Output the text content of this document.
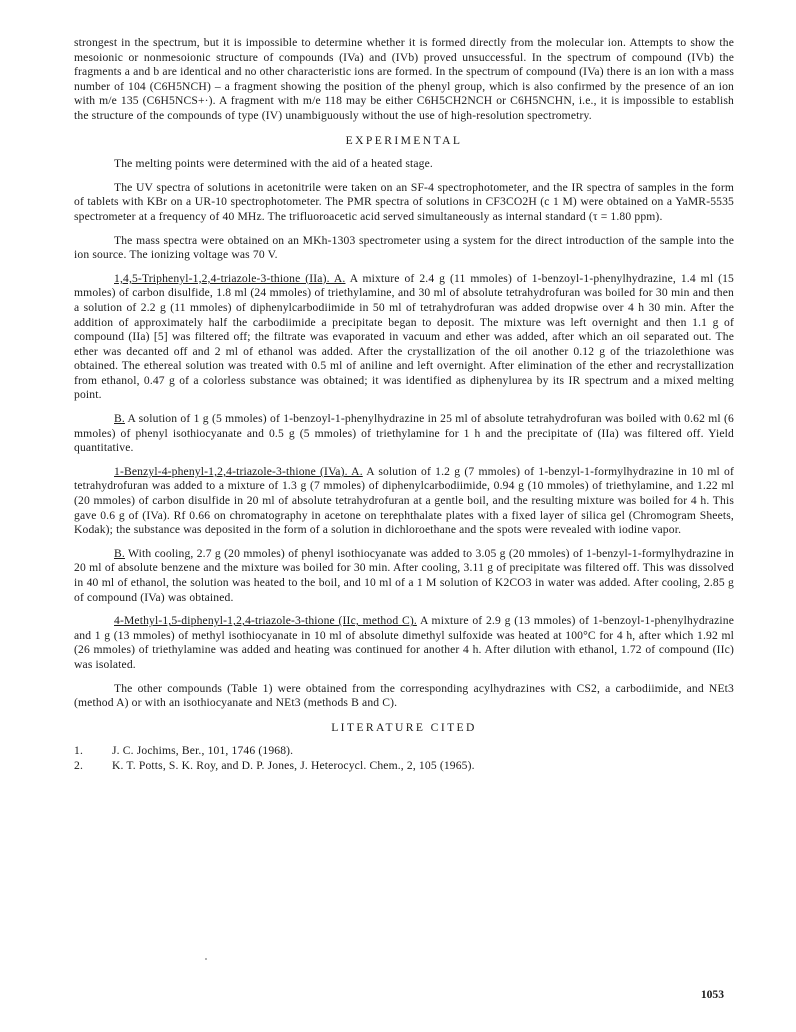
strongest in the spectrum, but it is impossible to determine whether it is formed directly from the molecular ion. Attempts to show the mesoionic or nonmesoionic structure of compounds (IVa) and (IVb) proved unsuccessful. In the spectrum of compound (IVb) the fragments a and b are identical and no other characteristic ions are formed. In the spectrum of compound (IVa) there is an ion with a mass number of 104 (C6H5NCH) – a fragment showing the position of the phenyl group, which is also confirmed by the presence of an ion with m/e 135 (C6H5NCS+·). A fragment with m/e 118 may be either C6H5CH2NCH or C6H5NCHN, i.e., it is impossible to establish the structure of the compounds of type (IV) unambiguously without the use of high-resolution spectrometry.

EXPERIMENTAL

The melting points were determined with the aid of a heated stage.

The UV spectra of solutions in acetonitrile were taken on an SF-4 spectrophotometer, and the IR spectra of samples in the form of tablets with KBr on a UR-10 spectrophotometer. The PMR spectra of solutions in CF3CO2H (c 1 M) were obtained on a YaMR-5535 spectrometer at a frequency of 40 MHz. The trifluoroacetic acid served simultaneously as internal standard (τ = 1.80 ppm).

The mass spectra were obtained on an MKh-1303 spectrometer using a system for the direct introduction of the sample into the ion source. The ionizing voltage was 70 V.

1,4,5-Triphenyl-1,2,4-triazole-3-thione (IIa). A. A mixture of 2.4 g (11 mmoles) of 1-benzoyl-1-phenylhydrazine, 1.4 ml (15 mmoles) of carbon disulfide, 1.8 ml (24 mmoles) of triethylamine, and 30 ml of absolute tetrahydrofuran was boiled for 30 min and then a solution of 2.2 g (11 mmoles) of diphenylcarbodiimide in 50 ml of tetrahydrofuran was added dropwise over 4 h 30 min. After the addition of approximately half the carbodiimide a precipitate began to deposit. The mixture was left overnight and then 1.1 g of compound (IIa) [5] was filtered off; the filtrate was evaporated in vacuum and ether was added, after which an oil separated out. The ether was decanted off and 2 ml of ethanol was added. After the crystallization of the oil another 0.12 g of the triazolethione was obtained. The ethereal solution was treated with 0.5 ml of aniline and left overnight. After elimination of the ether and recrystallization from ethanol, 0.47 g of a colorless substance was obtained; it was identified as diphenylurea by its IR spectrum and a mixed melting point.

B. A solution of 1 g (5 mmoles) of 1-benzoyl-1-phenylhydrazine in 25 ml of absolute tetrahydrofuran was boiled with 0.62 ml (6 mmoles) of phenyl isothiocyanate and 0.5 g (5 mmoles) of triethylamine for 1 h and the precipitate of (IIa) was filtered off. Yield quantitative.

1-Benzyl-4-phenyl-1,2,4-triazole-3-thione (IVa). A. A solution of 1.2 g (7 mmoles) of 1-benzyl-1-formylhydrazine in 10 ml of tetrahydrofuran was added to a mixture of 1.3 g (7 mmoles) of diphenylcarbodiimide, 0.94 g (10 mmoles) of triethylamine, and 1.22 ml (20 mmoles) of carbon disulfide in 20 ml of absolute tetrahydrofuran at a gentle boil, and the resulting mixture was boiled for 4 h. This gave 0.6 g of (IVa). Rf 0.66 on chromatography in acetone on terephthalate plates with a fixed layer of silica gel (Chromogram Sheets, Kodak); the substance was deposited in the form of a solution in dichloroethane and the spots were revealed with iodine vapor.

B. With cooling, 2.7 g (20 mmoles) of phenyl isothiocyanate was added to 3.05 g (20 mmoles) of 1-benzyl-1-formylhydrazine in 20 ml of absolute benzene and the mixture was boiled for 30 min. After cooling, 3.11 g of precipitate was filtered off. This was dissolved in 40 ml of ethanol, the solution was heated to the boil, and 10 ml of a 1 M solution of K2CO3 in water was added. After cooling, 2.85 g of compound (IVa) was obtained.

4-Methyl-1,5-diphenyl-1,2,4-triazole-3-thione (IIc, method C). A mixture of 2.9 g (13 mmoles) of 1-benzoyl-1-phenylhydrazine and 1 g (13 mmoles) of methyl isothiocyanate in 10 ml of absolute dimethyl sulfoxide was heated at 100°C for 4 h, after which 1.92 ml (26 mmoles) of triethylamine was added and heating was continued for another 4 h. After dilution with ethanol, 1.72 of compound (IIc) was isolated.

The other compounds (Table 1) were obtained from the corresponding acylhydrazines with CS2, a carbodiimide, and NEt3 (method A) or with an isothiocyanate and NEt3 (methods B and C).

LITERATURE CITED
1.	J. C. Jochims, Ber., 101, 1746 (1968).
2.	K. T. Potts, S. K. Roy, and D. P. Jones, J. Heterocycl. Chem., 2, 105 (1965).
1053
